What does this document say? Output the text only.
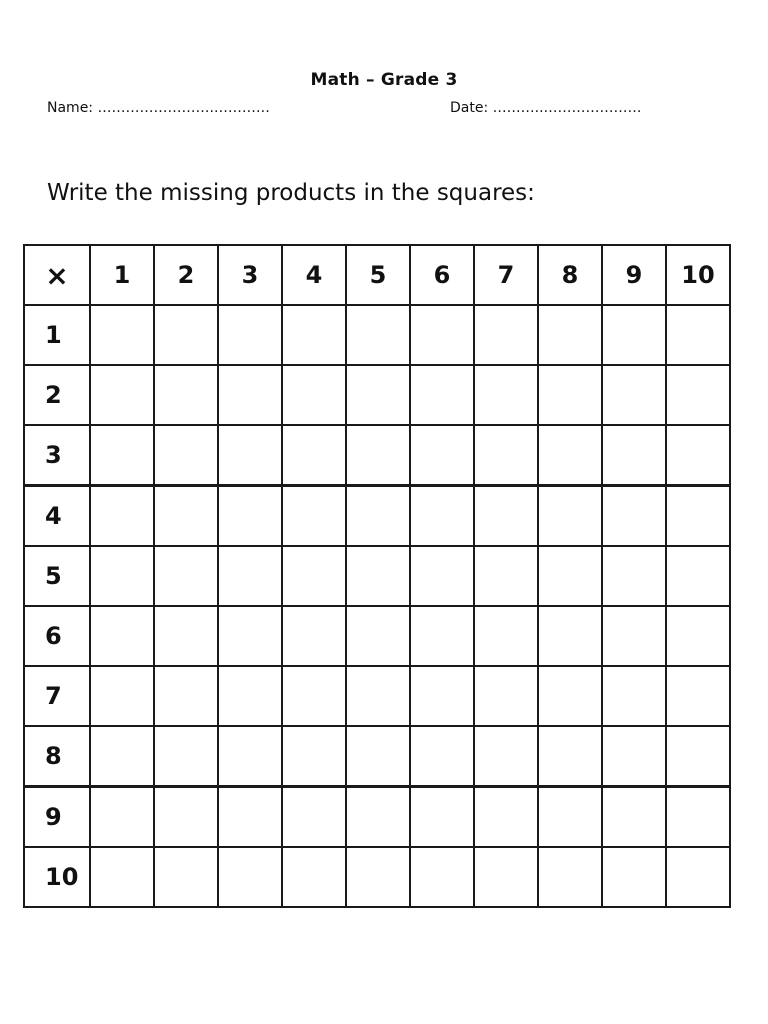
Math – Grade 3
Name: …………………….…………	Date: ………..…………………
Write the missing products in the squares:
×	1	2	3	4	5	6	7	8	9	10
1										
2										
3										
4										
5										
6										
7										
8										
9										
10										
